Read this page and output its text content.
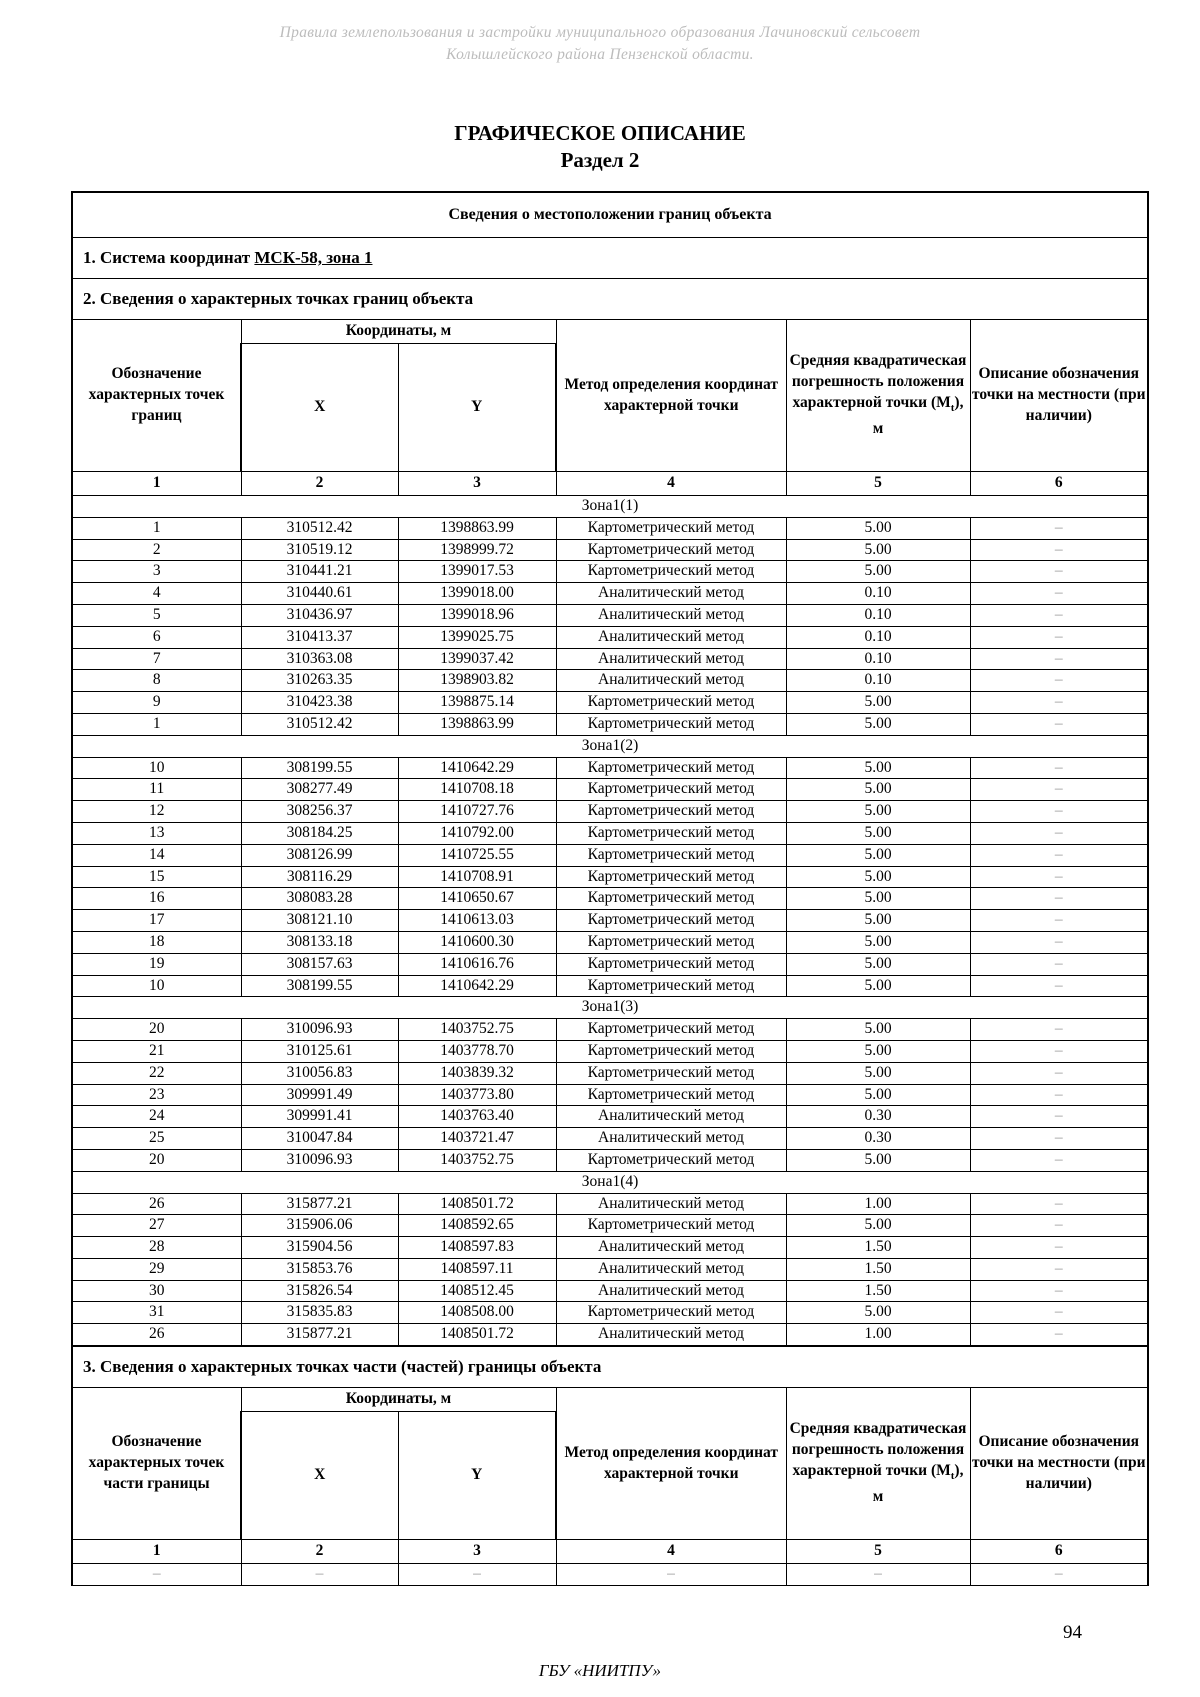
Правила землепользования и застройки муниципального образования Лачиновский сельсовет
Колышлейского района Пензенской области.
ГРАФИЧЕСКОЕ ОПИСАНИЕ
Раздел 2
Сведения о местоположении границ объекта					
1. Система координат МСК-58, зона 1					
2. Сведения о характерных точках границ объекта					
Обозначение характерных точек границ	Координаты, м		Метод определения координат характерной точки	Средняя квадратическая погрешность положения характерной точки $(M_t)$, м	Описание обозначения точки на местности (при наличии)
	X	Y			
1	2	3	4	5	6
Зона1(1)					
1	310512.42	1398863.99	Картометрический метод	5.00	–
2	310519.12	1398999.72	Картометрический метод	5.00	–
3	310441.21	1399017.53	Картометрический метод	5.00	–
4	310440.61	1399018.00	Аналитический метод	0.10	–
5	310436.97	1399018.96	Аналитический метод	0.10	–
6	310413.37	1399025.75	Аналитический метод	0.10	–
7	310363.08	1399037.42	Аналитический метод	0.10	–
8	310263.35	1398903.82	Аналитический метод	0.10	–
9	310423.38	1398875.14	Картометрический метод	5.00	–
1	310512.42	1398863.99	Картометрический метод	5.00	–
Зона1(2)					
10	308199.55	1410642.29	Картометрический метод	5.00	–
11	308277.49	1410708.18	Картометрический метод	5.00	–
12	308256.37	1410727.76	Картометрический метод	5.00	–
13	308184.25	1410792.00	Картометрический метод	5.00	–
14	308126.99	1410725.55	Картометрический метод	5.00	–
15	308116.29	1410708.91	Картометрический метод	5.00	–
16	308083.28	1410650.67	Картометрический метод	5.00	–
17	308121.10	1410613.03	Картометрический метод	5.00	–
18	308133.18	1410600.30	Картометрический метод	5.00	–
19	308157.63	1410616.76	Картометрический метод	5.00	–
10	308199.55	1410642.29	Картометрический метод	5.00	–
Зона1(3)					
20	310096.93	1403752.75	Картометрический метод	5.00	–
21	310125.61	1403778.70	Картометрический метод	5.00	–
22	310056.83	1403839.32	Картометрический метод	5.00	–
23	309991.49	1403773.80	Картометрический метод	5.00	–
24	309991.41	1403763.40	Аналитический метод	0.30	–
25	310047.84	1403721.47	Аналитический метод	0.30	–
20	310096.93	1403752.75	Картометрический метод	5.00	–
Зона1(4)					
26	315877.21	1408501.72	Аналитический метод	1.00	–
27	315906.06	1408592.65	Картометрический метод	5.00	–
28	315904.56	1408597.83	Аналитический метод	1.50	–
29	315853.76	1408597.11	Аналитический метод	1.50	–
30	315826.54	1408512.45	Аналитический метод	1.50	–
31	315835.83	1408508.00	Картометрический метод	5.00	–
26	315877.21	1408501.72	Аналитический метод	1.00	–
3. Сведения о характерных точках части (частей) границы объекта					
Обозначение характерных точек части границы	Координаты, м		Метод определения координат характерной точки	Средняя квадратическая погрешность положения характерной точки $(M_t)$, м	Описание обозначения точки на местности (при наличии)
	X	Y			
1	2	3	4	5	6
–	–	–	–	–	–
94
ГБУ «НИИТПУ»
